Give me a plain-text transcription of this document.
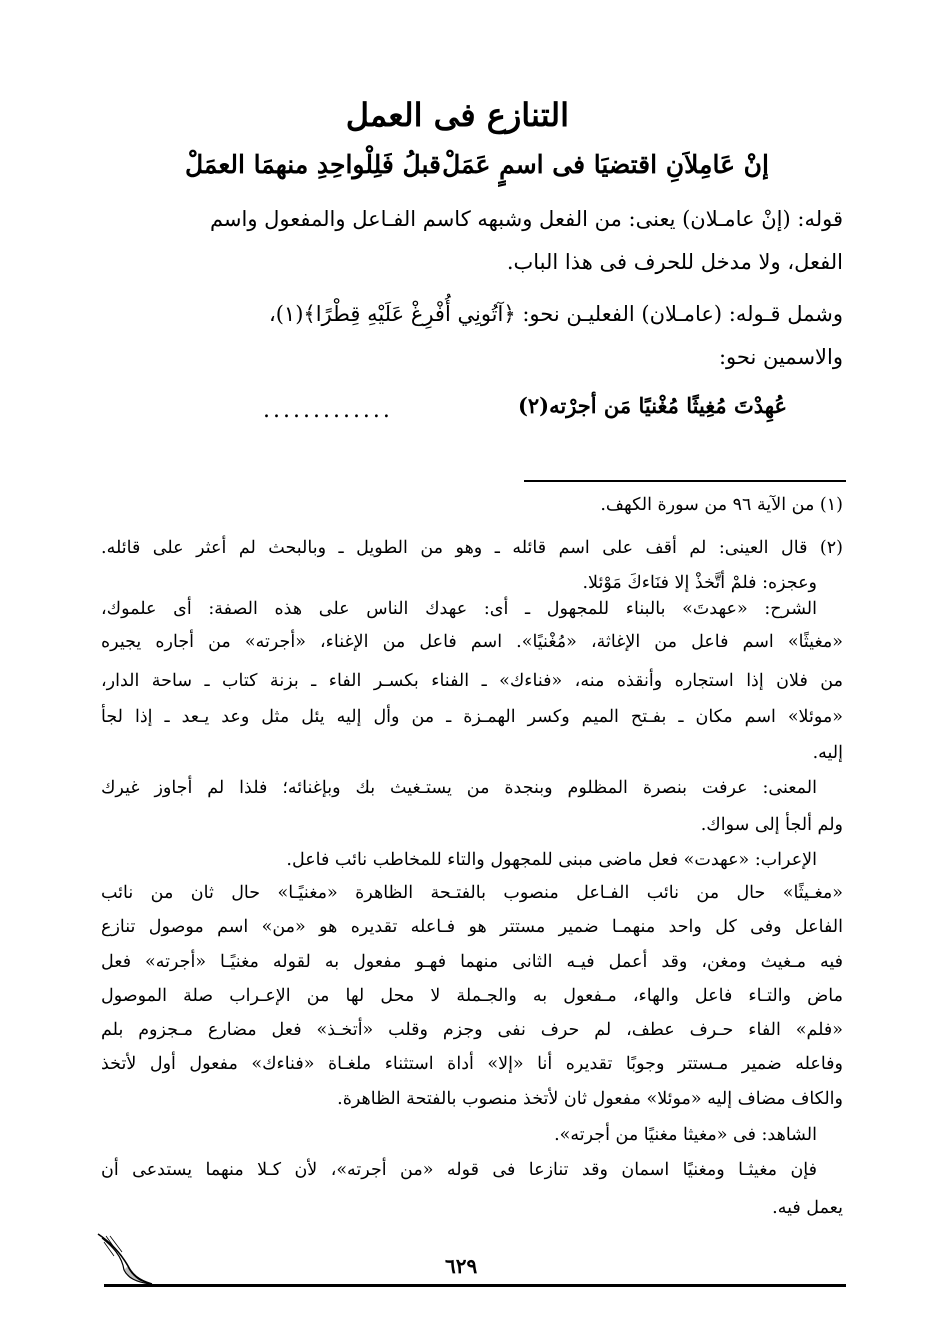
التنازع فى العمل
إنْ عَامِلاَنِ اقتضيَا فى اسمٍ عَمَلْ
قبلُ فَلِلْواحِدِ منهمَا العمَلْ
قوله: (إنْ عامـلان) يعنى: من الفعل وشبهه كاسم الفـاعل والمفعول واسم
الفعل، ولا مدخل للحرف فى هذا الباب.
وشمل قـوله: (عامـلان) الفعليـن نحو: ﴿آتُونِي أُفْرِغْ عَلَيْهِ قِطْرًا﴾(١)،
والاسمين نحو:
عُهِدْتَ مُغِيثًا مُغْنيًا مَن أجرْته(٢)
.............
(١) من الآية ٩٦ من سورة الكهف.
(٢) قال العينى: لم أقف على اسم قائله ـ وهو من الطويل ـ وبالبحث لم أعثر على قائله.
وعجزه: فلمْ أتَّخذْ إلا فنَاءكَ مَوْئلا.
الشرح: «عهدتَ» بالبناء للمجهول ـ أى: عهدك الناس على هذه الصفة: أى علموك،
«مغيثًا» اسم فاعل من الإغاثة، «مُغْنيًا». اسم فاعل من الإغناء، «أجرته» من أجاره يجيره
من فلان إذا استجاره وأنقذه منه، «فناءك» ـ الفناء بكسـر الفاء ـ بزنة كتاب ـ ساحة الدار،
«موئلا» اسم مكان ـ بفـتح الميم وكسر الهمـزة ـ من وأل إليه يئل مثل وعد يـعد ـ إذا لجأ
إليه.
المعنى: عرفت بنصرة المظلوم وبنجدة من يستـغيث بك وبإغنائه؛ فلذا لم أجاوز غيرك
ولم ألجأ إلى سواك.
الإعراب: «عهدت» فعل ماضى مبنى للمجهول والتاء للمخاطب نائب فاعل.
«مغـيثًا» حال من نائب الفـاعل منصوب بالفتـحة الظاهرة «مغنيًـا» حال ثان من نائب
الفاعل وفى كل واحد منهمـا ضمير مستتر هو فـاعله تقديره هو «من» اسم موصول تنازع
فيه مـغيث ومغن، وقد أعمل فيـه الثانى منهما فهـو مفعول به لقوله مغنيًـا «أجرته» فعل
ماض والتـاء فاعل والهاء، مـفعول به والجـملة لا محل لها من الإعـراب صلة الموصول
«فلم» الفاء حـرف عطف، لم حرف نفى وجزم وقلب «أتخـذ» فعل مضارع مـجزوم بلم
وفاعله ضمير مـستتر وجوبًا تقديره أنا «إلا» أداة استثناء ملغـاة «فناءك» مفعول أول لأتخذ
والكاف مضاف إليه «موئلا» مفعول ثان لأتخذ منصوب بالفتحة الظاهرة.
الشاهد: فى «مغيثا مغنيًا من أجرته».
فإن مغيثـا ومغنيًا اسمان وقد تنازعا فى قوله «من أجرته»، لأن كـلا منهما يستدعى أن
يعمل فيه.
٦٢٩
